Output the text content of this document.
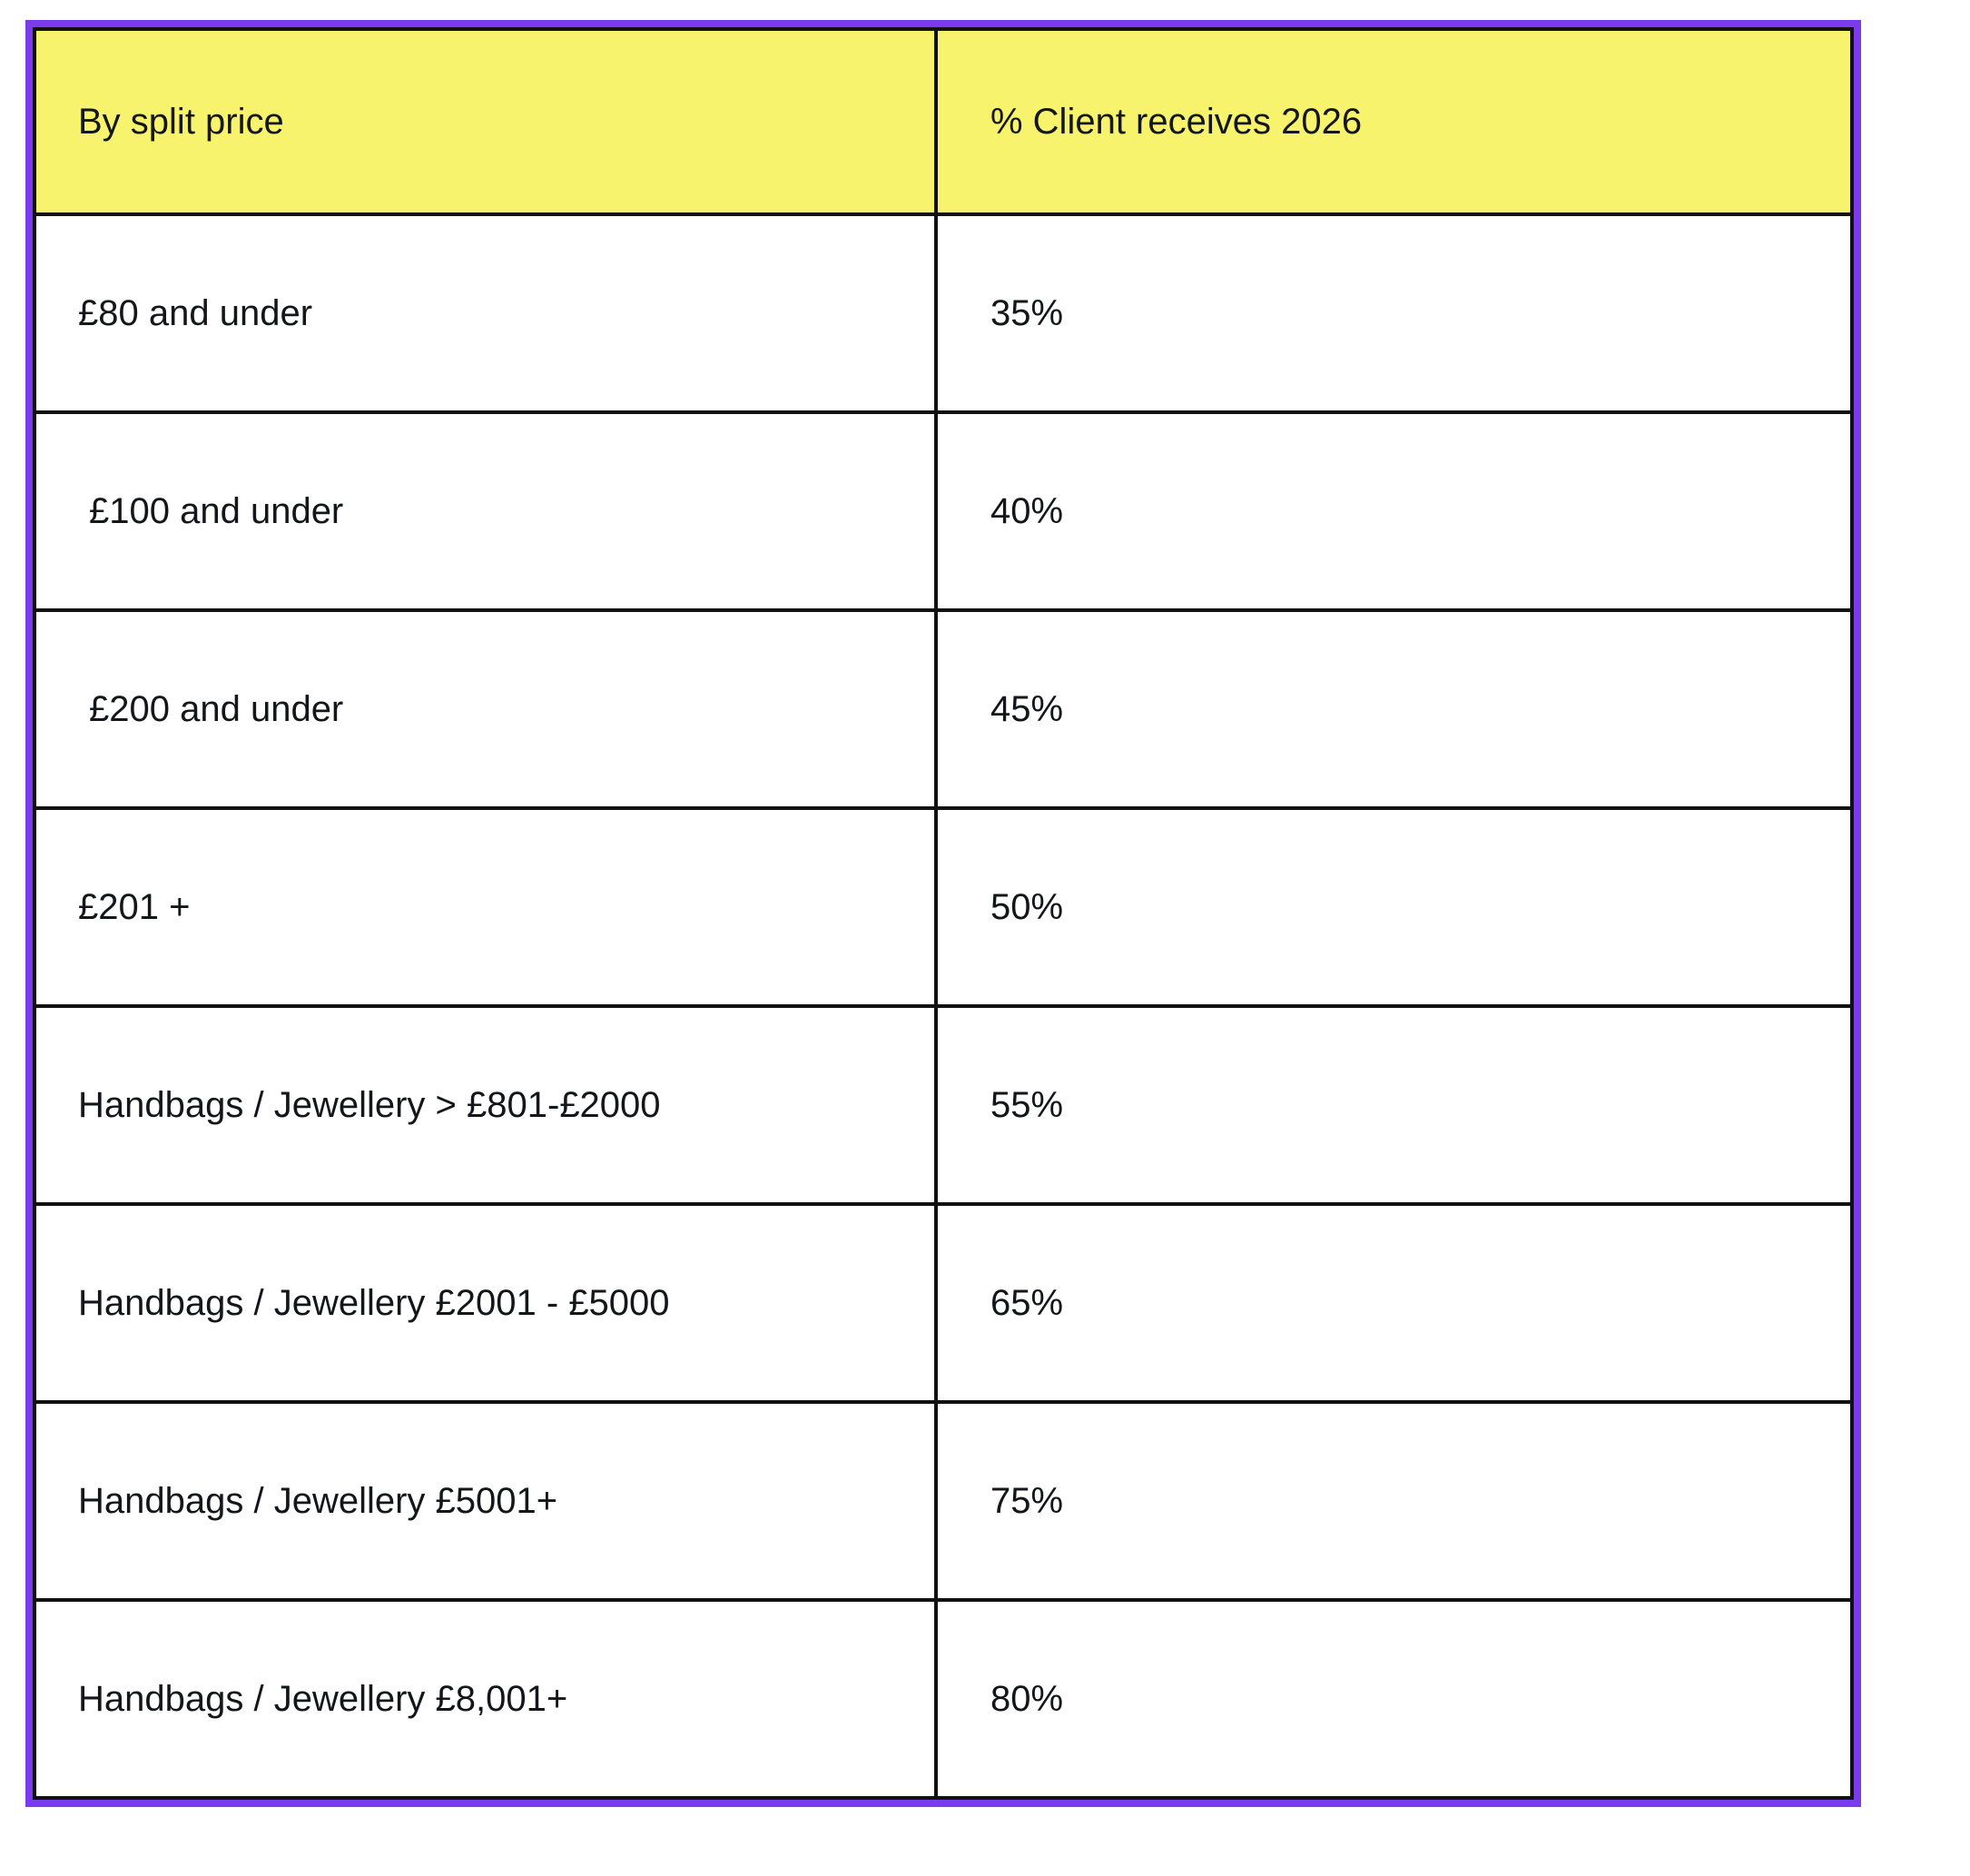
By split price	% Client receives 2026
£80 and under	35%
£100 and under	40%
£200 and under	45%
£201 +	50%
Handbags / Jewellery > £801-£2000	55%
Handbags / Jewellery £2001 - £5000	65%
Handbags / Jewellery £5001+	75%
Handbags / Jewellery £8,001+	80%
